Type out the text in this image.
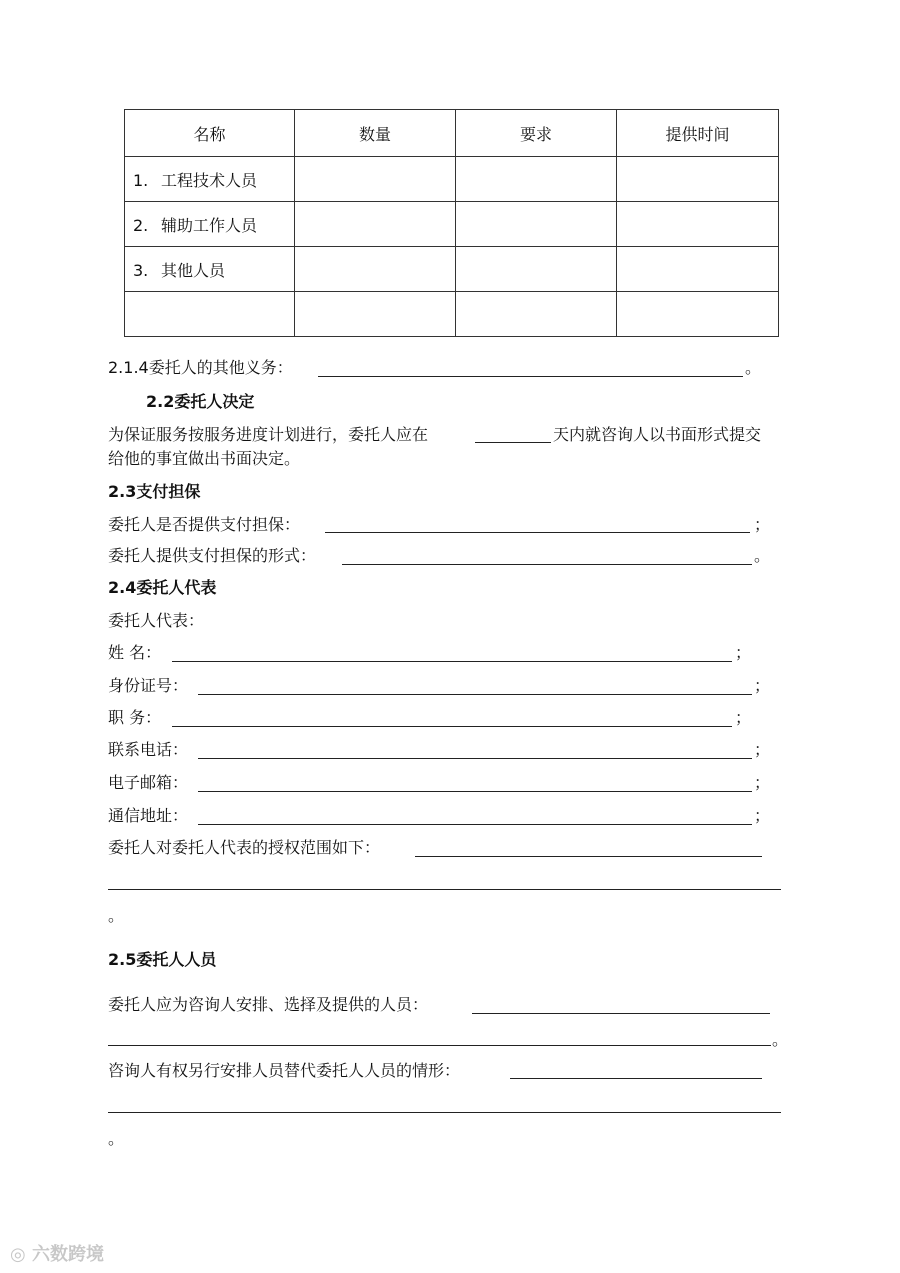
名称	数量	要求	提供时间
1. 工程技术人员			
2. 辅助工作人员			
3. 其他人员			

2.1.4委托人的其他义务：	。
2.2委托人决定
为保证服务按服务进度计划进行，委托人应在	天内就咨询人以书面形式提交
给他的事宜做出书面决定。
2.3支付担保
委托人是否提供支付担保：	；
委托人提供支付担保的形式：	。
2.4委托人代表
委托人代表：
姓 名：	；
身份证号：	；
职 务：	；
联系电话：	；
电子邮箱：	；
通信地址：	；
委托人对委托人代表的授权范围如下：
。
2.5委托人人员
委托人应为咨询人安排、选择及提供的人员：
。
咨询人有权另行安排人员替代委托人人员的情形：
。
◎ 六数跨境
